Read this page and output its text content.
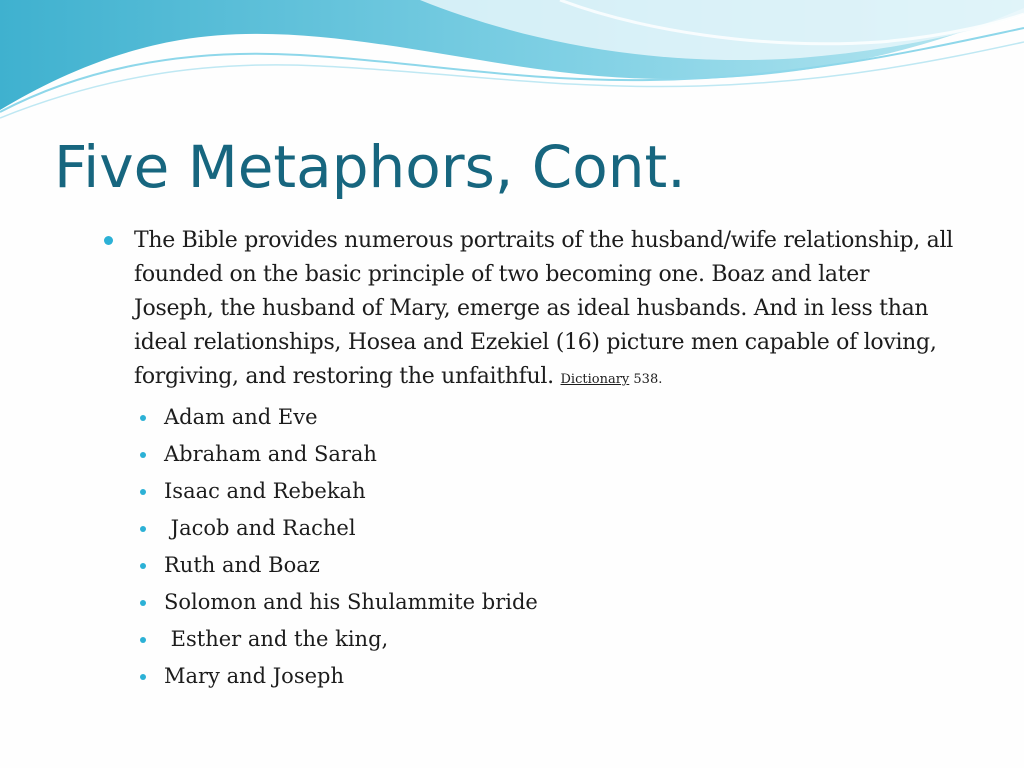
Five Metaphors, Cont.

The Bible provides numerous portraits of the husband/wife relationship, all founded on the basic principle of two becoming one. Boaz and later Joseph, the husband of Mary, emerge as ideal husbands. And in less than ideal relationships, Hosea and Ezekiel (16) picture men capable of loving, forgiving, and restoring the unfaithful. Dictionary 538.

Adam and Eve
Abraham and Sarah
Isaac and Rebekah
Jacob and Rachel
Ruth and Boaz
Solomon and his Shulammite bride
Esther and the king,
Mary and Joseph
